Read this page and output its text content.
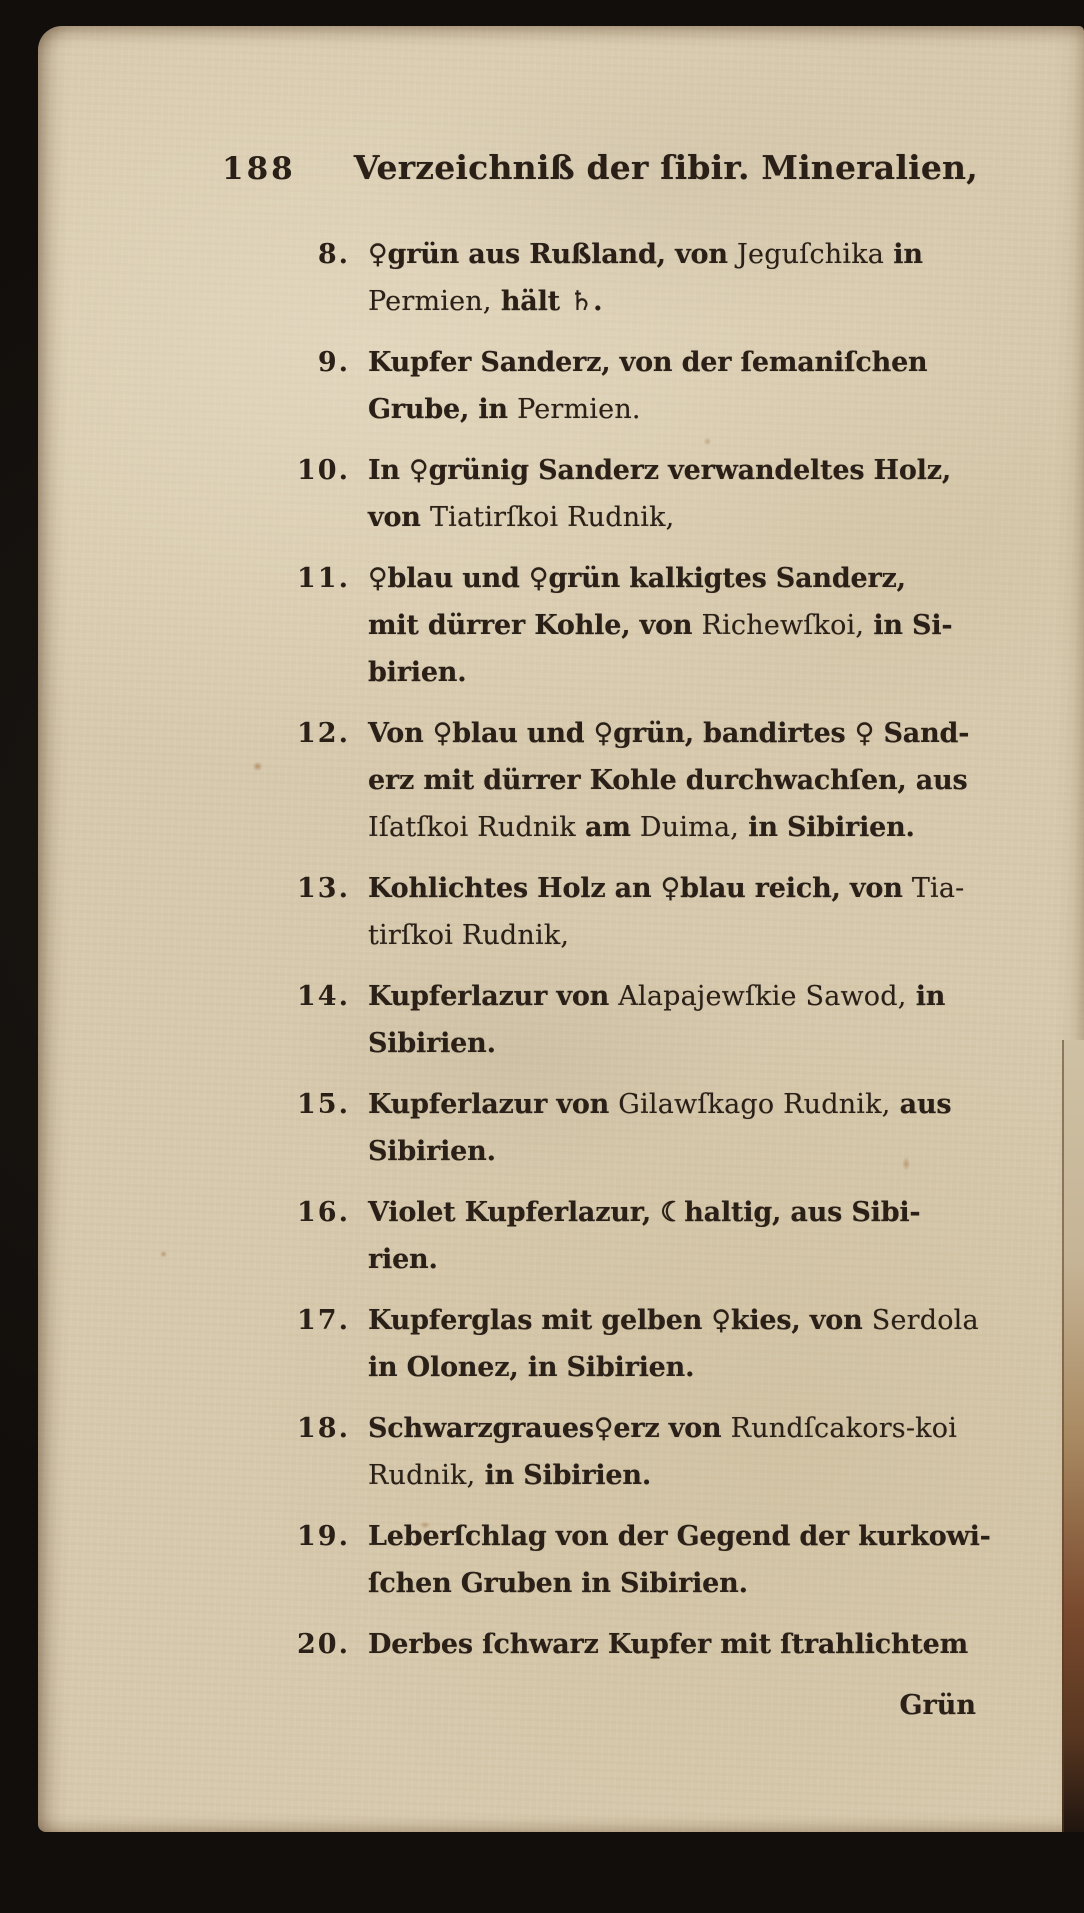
188 Verzeichniß der ſibir. Mineralien,
8. ♀grün aus Rußland, von Jeguſchika in
Permien, hält ♄.
9. Kupfer Sanderz, von der ſemaniſchen
Grube, in Permien.
10. In ♀grünig Sanderz verwandeltes Holz,
von Tiatirſkoi Rudnik,
11. ♀blau und ♀grün kalkigtes Sanderz,
mit dürrer Kohle, von Richewſkoi, in Si-
birien.
12. Von ♀blau und ♀grün, bandirtes ♀ Sand-
erz mit dürrer Kohle durchwachſen, aus
Iſatſkoi Rudnik am Duima, in Sibirien.
13. Kohlichtes Holz an ♀blau reich, von Tia-
tirſkoi Rudnik,
14. Kupferlazur von Alapajewſkie Sawod, in
Sibirien.
15. Kupferlazur von Gilawſkago Rudnik, aus
Sibirien.
16. Violet Kupferlazur, ☾haltig, aus Sibi-
rien.
17. Kupferglas mit gelben ♀kies, von Serdola
in Olonez, in Sibirien.
18. Schwarzgraues♀erz von Rundſcakors-koi
Rudnik, in Sibirien.
19. Leberſchlag von der Gegend der kurkowi-
ſchen Gruben in Sibirien.
20. Derbes ſchwarz Kupfer mit ſtrahlichtem
Grün
